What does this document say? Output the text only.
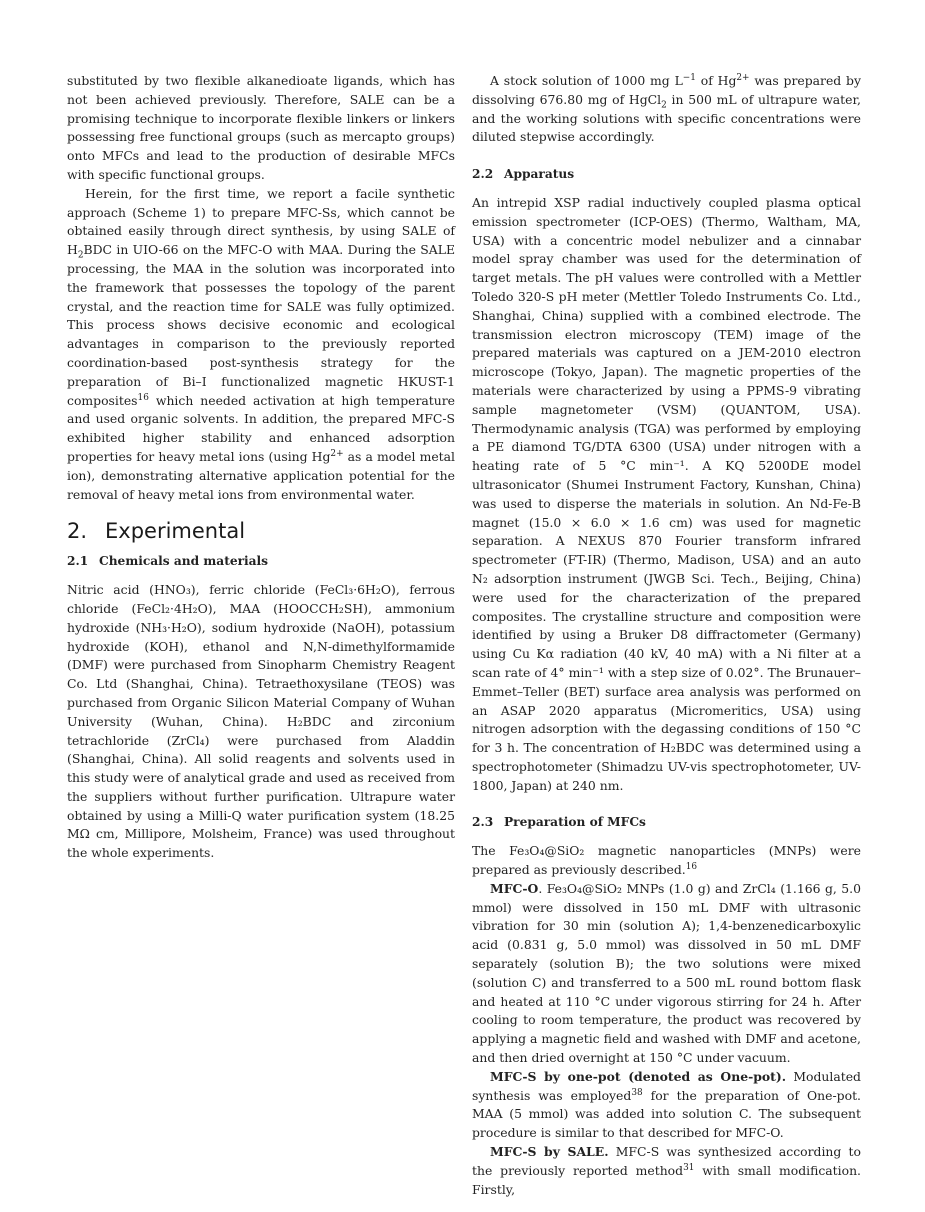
substituted by two flexible alkanedioate ligands, which has not been achieved previously. Therefore, SALE can be a promising technique to incorporate flexible linkers or linkers possessing free functional groups (such as mercapto groups) onto MFCs and lead to the production of desirable MFCs with specific functional groups.

Herein, for the first time, we report a facile synthetic approach (Scheme 1) to prepare MFC-Ss, which cannot be obtained easily through direct synthesis, by using SALE of $H_2BDC$ in UIO-66 on the MFC-O with MAA. During the SALE processing, the MAA in the solution was incorporated into the framework that possesses the topology of the parent crystal, and the reaction time for SALE was fully optimized. This process shows decisive economic and ecological advantages in comparison to the previously reported coordination-based post-synthesis strategy for the preparation of Bi–I functionalized magnetic HKUST-1 composites$^{16}$ which needed activation at high temperature and used organic solvents. In addition, the prepared MFC-S exhibited higher stability and enhanced adsorption properties for heavy metal ions (using $Hg^{2+}$ as a model metal ion), demonstrating alternative application potential for the removal of heavy metal ions from environmental water.

2. Experimental
2.1 Chemicals and materials

Nitric acid (HNO₃), ferric chloride (FeCl₃·6H₂O), ferrous chloride (FeCl₂·4H₂O), MAA (HOOCCH₂SH), ammonium hydroxide (NH₃·H₂O), sodium hydroxide (NaOH), potassium hydroxide (KOH), ethanol and N,N-dimethylformamide (DMF) were purchased from Sinopharm Chemistry Reagent Co. Ltd (Shanghai, China). Tetraethoxysilane (TEOS) was purchased from Organic Silicon Material Company of Wuhan University (Wuhan, China). H₂BDC and zirconium tetrachloride (ZrCl₄) were purchased from Aladdin (Shanghai, China). All solid reagents and solvents used in this study were of analytical grade and used as received from the suppliers without further purification. Ultrapure water obtained by using a Milli-Q water purification system (18.25 MΩ cm, Millipore, Molsheim, France) was used throughout the whole experiments.

A stock solution of 1000 mg $L^{-1}$ of $Hg^{2+}$ was prepared by dissolving 676.80 mg of HgCl$_2$ in 500 mL of ultrapure water, and the working solutions with specific concentrations were diluted stepwise accordingly.

2.2 Apparatus

An intrepid XSP radial inductively coupled plasma optical emission spectrometer (ICP-OES) (Thermo, Waltham, MA, USA) with a concentric model nebulizer and a cinnabar model spray chamber was used for the determination of target metals. The pH values were controlled with a Mettler Toledo 320-S pH meter (Mettler Toledo Instruments Co. Ltd., Shanghai, China) supplied with a combined electrode. The transmission electron microscopy (TEM) image of the prepared materials was captured on a JEM-2010 electron microscope (Tokyo, Japan). The magnetic properties of the materials were characterized by using a PPMS-9 vibrating sample magnetometer (VSM) (QUANTOM, USA). Thermodynamic analysis (TGA) was performed by employing a PE diamond TG/DTA 6300 (USA) under nitrogen with a heating rate of 5 °C min⁻¹. A KQ 5200DE model ultrasonicator (Shumei Instrument Factory, Kunshan, China) was used to disperse the materials in solution. An Nd-Fe-B magnet (15.0 × 6.0 × 1.6 cm) was used for magnetic separation. A NEXUS 870 Fourier transform infrared spectrometer (FT-IR) (Thermo, Madison, USA) and an auto N₂ adsorption instrument (JWGB Sci. Tech., Beijing, China) were used for the characterization of the prepared composites. The crystalline structure and composition were identified by using a Bruker D8 diffractometer (Germany) using Cu Kα radiation (40 kV, 40 mA) with a Ni filter at a scan rate of 4° min⁻¹ with a step size of 0.02°. The Brunauer–Emmet–Teller (BET) surface area analysis was performed on an ASAP 2020 apparatus (Micromeritics, USA) using nitrogen adsorption with the degassing conditions of 150 °C for 3 h. The concentration of H₂BDC was determined using a spectrophotometer (Shimadzu UV-vis spectrophotometer, UV-1800, Japan) at 240 nm.

2.3 Preparation of MFCs

The Fe₃O₄@SiO₂ magnetic nanoparticles (MNPs) were prepared as previously described.$^{16}$

MFC-O. Fe₃O₄@SiO₂ MNPs (1.0 g) and ZrCl₄ (1.166 g, 5.0 mmol) were dissolved in 150 mL DMF with ultrasonic vibration for 30 min (solution A); 1,4-benzenedicarboxylic acid (0.831 g, 5.0 mmol) was dissolved in 50 mL DMF separately (solution B); the two solutions were mixed (solution C) and transferred to a 500 mL round bottom flask and heated at 110 °C under vigorous stirring for 24 h. After cooling to room temperature, the product was recovered by applying a magnetic field and washed with DMF and acetone, and then dried overnight at 150 °C under vacuum.

MFC-S by one-pot (denoted as One-pot). Modulated synthesis was employed$^{38}$ for the preparation of One-pot. MAA (5 mmol) was added into solution C. The subsequent procedure is similar to that described for MFC-O.

MFC-S by SALE. MFC-S was synthesized according to the previously reported method$^{31}$ with small modification. Firstly,
